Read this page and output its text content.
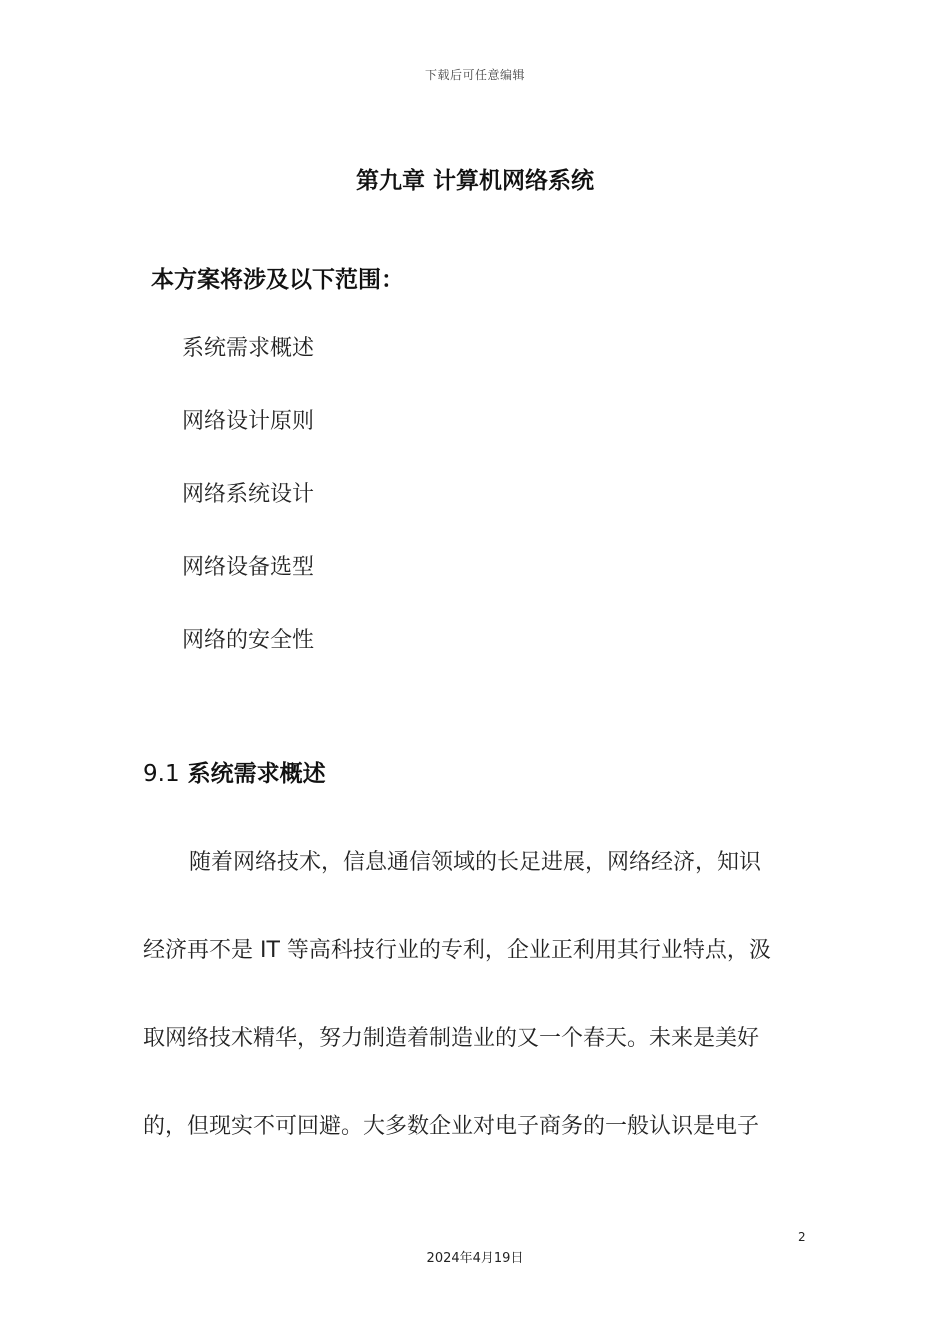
下载后可任意编辑
第九章 计算机网络系统
本方案将涉及以下范围：
系统需求概述
网络设计原则
网络系统设计
网络设备选型
网络的安全性
9.1 系统需求概述
随着网络技术，信息通信领域的长足进展，网络经济，知识
经济再不是 IT 等高科技行业的专利，企业正利用其行业特点，汲
取网络技术精华，努力制造着制造业的又一个春天。未来是美好
的，但现实不可回避。大多数企业对电子商务的一般认识是电子
2
2024年4月19日
